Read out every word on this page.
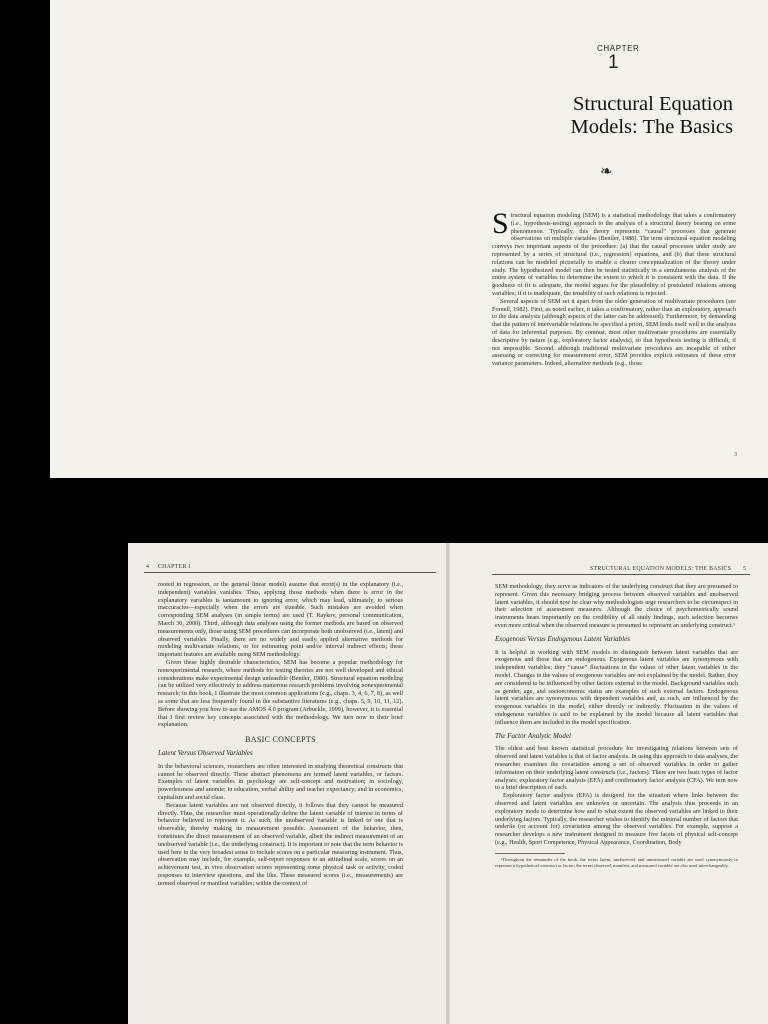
CHAPTER
1
Structural Equation
Models: The Basics
❧

Structural equation modeling (SEM) is a statistical methodology that takes a confirmatory (i.e., hypothesis-testing) approach to the analysis of a structural theory bearing on some phenomenon. Typically, this theory represents “causal” processes that generate observations on multiple variables (Bentler, 1988). The term structural equation modeling conveys two important aspects of the procedure: (a) that the causal processes under study are represented by a series of structural (i.e., regression) equations, and (b) that these structural relations can be modeled pictorially to enable a clearer conceptualization of the theory under study. The hypothesized model can then be tested statistically in a simultaneous analysis of the entire system of variables to determine the extent to which it is consistent with the data. If the goodness of fit is adequate, the model argues for the plausibility of postulated relations among variables; if it is inadequate, the tenability of such relations is rejected.

Several aspects of SEM set it apart from the older generation of multivariate procedures (see Fornell, 1982). First, as noted earlier, it takes a confirmatory, rather than an exploratory, approach to the data analysis (although aspects of the latter can be addressed). Furthermore, by demanding that the pattern of intervariable relations be specified a priori, SEM lends itself well to the analysis of data for inferential purposes. By contrast, most other multivariate procedures are essentially descriptive by nature (e.g., exploratory factor analysis), so that hypothesis testing is difficult, if not impossible. Second, although traditional multivariate procedures are incapable of either assessing or correcting for measurement error, SEM provides explicit estimates of these error variance parameters. Indeed, alternative methods (e.g., those

3
4 CHAPTER 1

rooted in regression, or the general linear model) assume that error(s) in the explanatory (i.e., independent) variables vanishes. Thus, applying those methods when there is error in the explanatory variables is tantamount to ignoring error, which may lead, ultimately, to serious inaccuracies—especially when the errors are sizeable. Such mistakes are avoided when corresponding SEM analyses (in simple terms) are used (T. Raykov, personal communication, March 30, 2000). Third, although data analyses using the former methods are based on observed measurements only, those using SEM procedures can incorporate both unobserved (i.e., latent) and observed variables. Finally, there are no widely and easily applied alternative methods for modeling multivariate relations, or for estimating point and/or interval indirect effects; these important features are available using SEM methodology.

Given these highly desirable characteristics, SEM has become a popular methodology for nonexperimental research, where methods for testing theories are not well developed and ethical considerations make experimental design unfeasible (Bentler, 1980). Structural equation modeling can be utilized very effectively to address numerous research problems involving nonexperimental research; in this book, I illustrate the most common applications (e.g., chaps. 3, 4, 6, 7, 8), as well as some that are less frequently found in the substantive literatures (e.g., chaps. 5, 9, 10, 11, 12). Before showing you how to use the AMOS 4.0 program (Arbuckle, 1999), however, it is essential that I first review key concepts associated with the methodology. We turn now to their brief explanation.

BASIC CONCEPTS
Latent Versus Observed Variables

In the behavioral sciences, researchers are often interested in studying theoretical constructs that cannot be observed directly. These abstract phenomena are termed latent variables, or factors. Examples of latent variables in psychology are self-concept and motivation; in sociology, powerlessness and anomie; in education, verbal ability and teacher expectancy; and in economics, capitalism and social class.

Because latent variables are not observed directly, it follows that they cannot be measured directly. Thus, the researcher must operationally define the latent variable of interest in terms of behavior believed to represent it. As such, the unobserved variable is linked to one that is observable, thereby making its measurement possible. Assessment of the behavior, then, constitutes the direct measurement of an observed variable, albeit the indirect measurement of an unobserved variable (i.e., the underlying construct). It is important to note that the term behavior is used here in the very broadest sense to include scores on a particular measuring instrument. Thus, observation may include, for example, self-report responses to an attitudinal scale, scores on an achievement test, in vivo observation scores representing some physical task or activity, coded responses to interview questions, and the like. These measured scores (i.e., measurements) are termed observed or manifest variables; within the context of

STRUCTURAL EQUATION MODELS: THE BASICS 5

SEM methodology, they serve as indicators of the underlying construct that they are presumed to represent. Given this necessary bridging process between observed variables and unobserved latent variables, it should now be clear why methodologists urge researchers to be circumspect in their selection of assessment measures. Although the choice of psychometrically sound instruments bears importantly on the credibility of all study findings, such selection becomes even more critical when the observed measure is presumed to represent an underlying construct.¹

Exogenous Versus Endogenous Latent Variables

It is helpful in working with SEM models to distinguish between latent variables that are exogenous and those that are endogenous. Exogenous latent variables are synonymous with independent variables; they “cause” fluctuations in the values of other latent variables in the model. Changes in the values of exogenous variables are not explained by the model. Rather, they are considered to be influenced by other factors external to the model. Background variables such as gender, age, and socioeconomic status are examples of such external factors. Endogenous latent variables are synonymous with dependent variables and, as such, are influenced by the exogenous variables in the model, either directly or indirectly. Fluctuation in the values of endogenous variables is said to be explained by the model because all latent variables that influence them are included in the model specification.

The Factor Analytic Model

The oldest and best known statistical procedure for investigating relations between sets of observed and latent variables is that of factor analysis. In using this approach to data analyses, the researcher examines the covariation among a set of observed variables in order to gather information on their underlying latent constructs (i.e., factors). There are two basic types of factor analyses: exploratory factor analysis (EFA) and confirmatory factor analysis (CFA). We turn now to a brief description of each.

Exploratory factor analysis (EFA) is designed for the situation where links between the observed and latent variables are unknown or uncertain. The analysis thus proceeds in an exploratory mode to determine how and to what extent the observed variables are linked to their underlying factors. Typically, the researcher wishes to identify the minimal number of factors that underlie (or account for) covariation among the observed variables. For example, suppose a researcher develops a new instrument designed to measure five facets of physical self-concept (e.g., Health, Sport Competence, Physical Appearance, Coordination, Body

¹Throughout the remainder of the book, the terms latent, unobserved, and unmeasured variable are used synonymously to represent a hypothetical construct or factor; the terms observed, manifest, and measured variable are also used interchangeably.
